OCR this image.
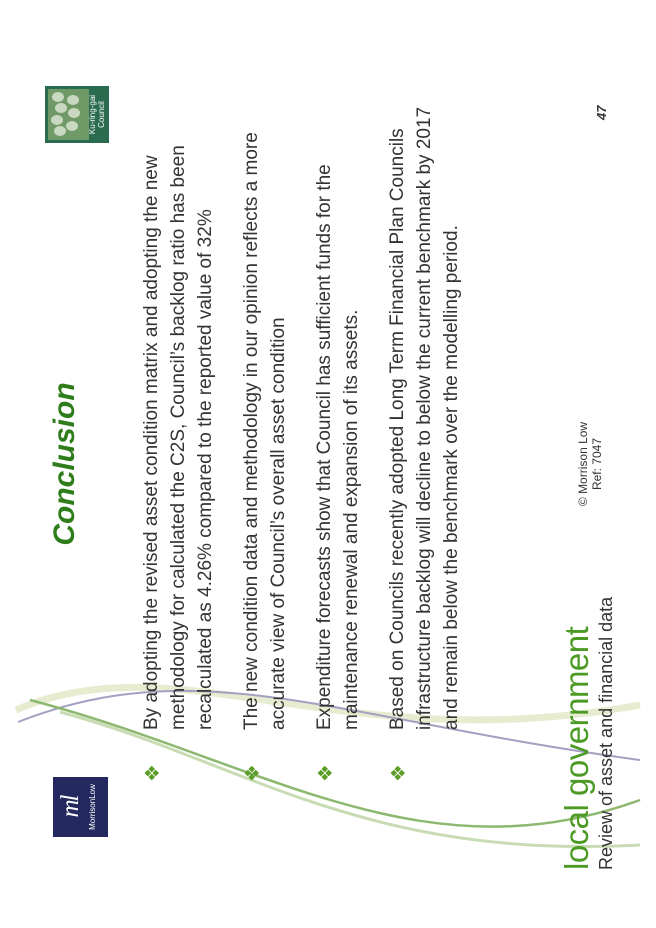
Conclusion
❖
By adopting the revised asset condition matrix and adopting the new methodology for calculated the C2S, Council’s backlog ratio has been recalculated as 4.26% compared to the reported value of 32%
❖
The new condition data and methodology in our opinion reflects a more accurate view of Council’s overall asset condition
❖
Expenditure forecasts show that Council has sufficient funds for the maintenance renewal and expansion of its assets.
❖
Based on Councils recently adopted Long Term Financial Plan Councils infrastructure backlog will decline to below the current benchmark by 2017 and remain below the benchmark over the modelling period.
local government Review of asset and financial data
© Morrison Low Ref: 7047
47
ml MorrisonLow
Ku-ring-gai Council
